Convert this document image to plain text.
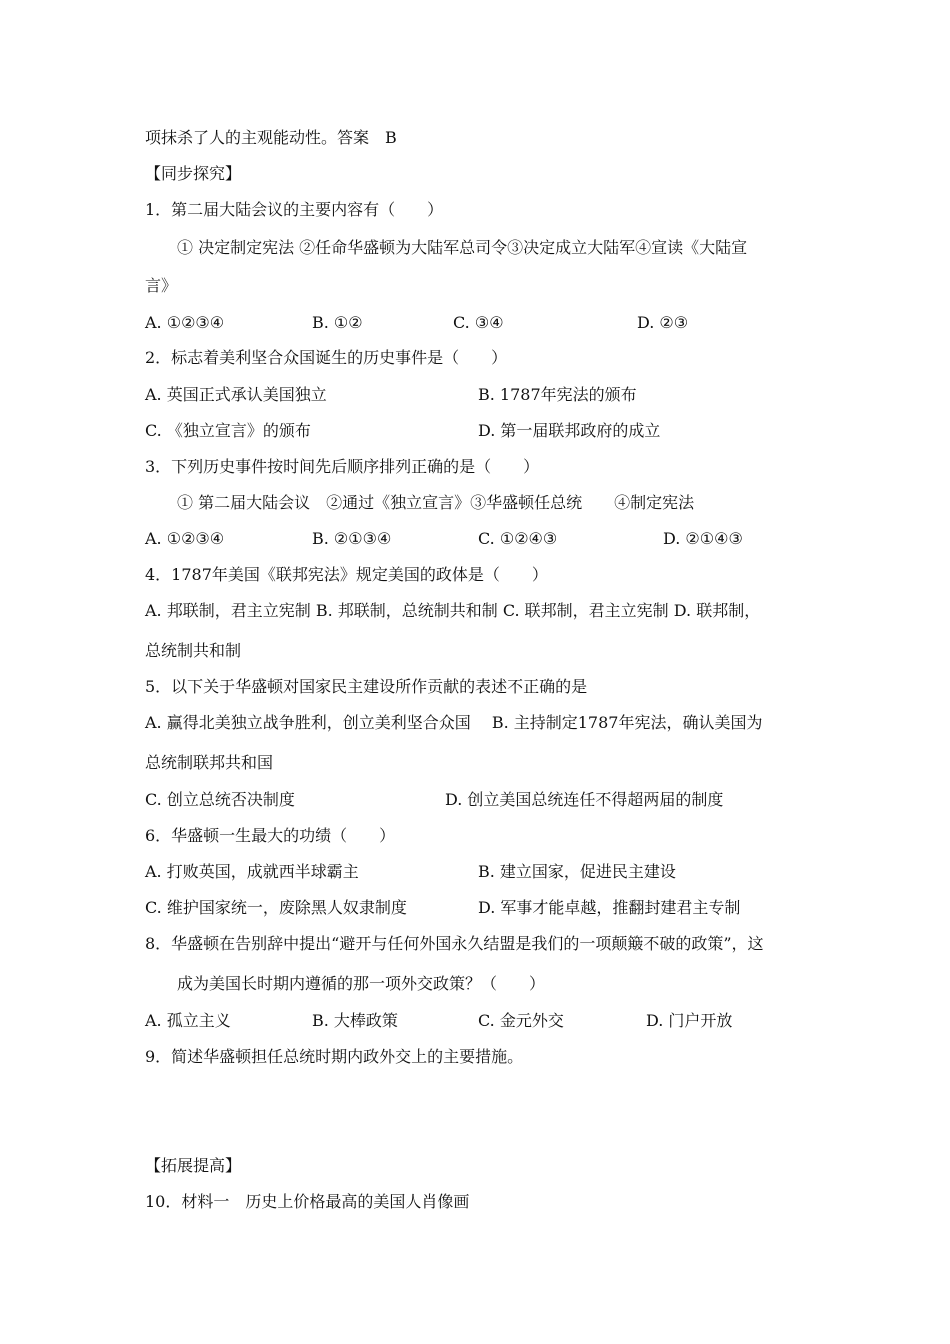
项抹杀了人的主观能动性。答案　B
【同步探究】
1．第二届大陆会议的主要内容有（　　）
① 决定制定宪法 ②任命华盛顿为大陆军总司令③决定成立大陆军④宣读《大陆宣
言》
A. ①②③④	B. ①②	C. ③④	D. ②③
2．标志着美利坚合众国诞生的历史事件是（　　）
A. 英国正式承认美国独立	B. 1787年宪法的颁布
C. 《独立宣言》的颁布	D. 第一届联邦政府的成立
3．下列历史事件按时间先后顺序排列正确的是（　　）
① 第二届大陆会议　②通过《独立宣言》③华盛顿任总统　　④制定宪法
A. ①②③④	B. ②①③④	C. ①②④③	D. ②①④③
4．1787年美国《联邦宪法》规定美国的政体是（　　）
A. 邦联制，君主立宪制 B. 邦联制，总统制共和制 C. 联邦制，君主立宪制 D. 联邦制，
总统制共和制
5．以下关于华盛顿对国家民主建设所作贡献的表述不正确的是
A. 赢得北美独立战争胜利，创立美利坚合众国　 B. 主持制定1787年宪法，确认美国为
总统制联邦共和国
C. 创立总统否决制度	D. 创立美国总统连任不得超两届的制度
6．华盛顿一生最大的功绩（　　）
A. 打败英国，成就西半球霸主	B. 建立国家，促进民主建设
C. 维护国家统一，废除黑人奴隶制度	D. 军事才能卓越，推翻封建君主专制
8．华盛顿在告别辞中提出“避开与任何外国永久结盟是我们的一项颠簸不破的政策”，这
成为美国长时期内遵循的那一项外交政策？（　　）
A. 孤立主义	B. 大棒政策	C. 金元外交	D. 门户开放
9．简述华盛顿担任总统时期内政外交上的主要措施。
【拓展提高】
10．材料一　历史上价格最高的美国人肖像画
